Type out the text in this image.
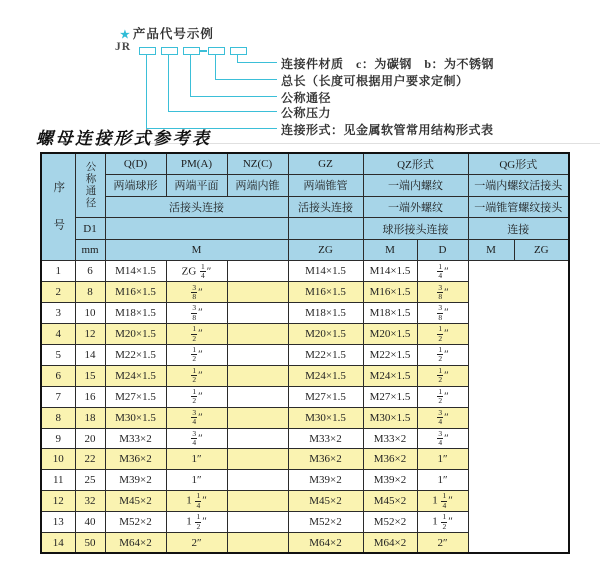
★ 产品代号示例
JR
连接件材质　c：为碳钢　b：为不锈钢
总长（长度可根据用户要求定制）
公称通径
公称压力
连接形式：见金属软管常用结构形式表
螺母连接形式参考表
序号	公称通径	Q(D)	PM(A)	NZ(C)	GZ	QZ形式		QG形式	
		两端球形	两端平面	两端内锥	两端锥管	一端内螺纹		一端内螺纹活接头	
		活接头连接			活接头连接	一端外螺纹		一端锥管螺纹接头	
	D1					球形接头连接		连接	
	mm	M			ZG	M	D	M	ZG
1	6	M14×1.5	ZG $\frac{1}{4}$ ″		M14×1.5	M14×1.5	$\frac{1}{4}$ ″		
2	8	M16×1.5	$\frac{3}{8}$ ″		M16×1.5	M16×1.5	$\frac{3}{8}$ ″		
3	10	M18×1.5	$\frac{3}{8}$ ″		M18×1.5	M18×1.5	$\frac{3}{8}$ ″		
4	12	M20×1.5	$\frac{1}{2}$ ″		M20×1.5	M20×1.5	$\frac{1}{2}$ ″		
5	14	M22×1.5	$\frac{1}{2}$ ″		M22×1.5	M22×1.5	$\frac{1}{2}$ ″		
6	15	M24×1.5	$\frac{1}{2}$ ″		M24×1.5	M24×1.5	$\frac{1}{2}$ ″		
7	16	M27×1.5	$\frac{1}{2}$ ″		M27×1.5	M27×1.5	$\frac{1}{2}$ ″		
8	18	M30×1.5	$\frac{3}{4}$ ″		M30×1.5	M30×1.5	$\frac{3}{4}$ ″		
9	20	M33×2	$\frac{3}{4}$ ″		M33×2	M33×2	$\frac{3}{4}$ ″		
10	22	M36×2	1″		M36×2	M36×2	1″		
11	25	M39×2	1″		M39×2	M39×2	1″		
12	32	M45×2	$1 \frac{1}{4}$ ″		M45×2	M45×2	$1 \frac{1}{4}$ ″		
13	40	M52×2	$1 \frac{1}{2}$ ″		M52×2	M52×2	$1 \frac{1}{2}$ ″		
14	50	M64×2	2″		M64×2	M64×2	2″		
